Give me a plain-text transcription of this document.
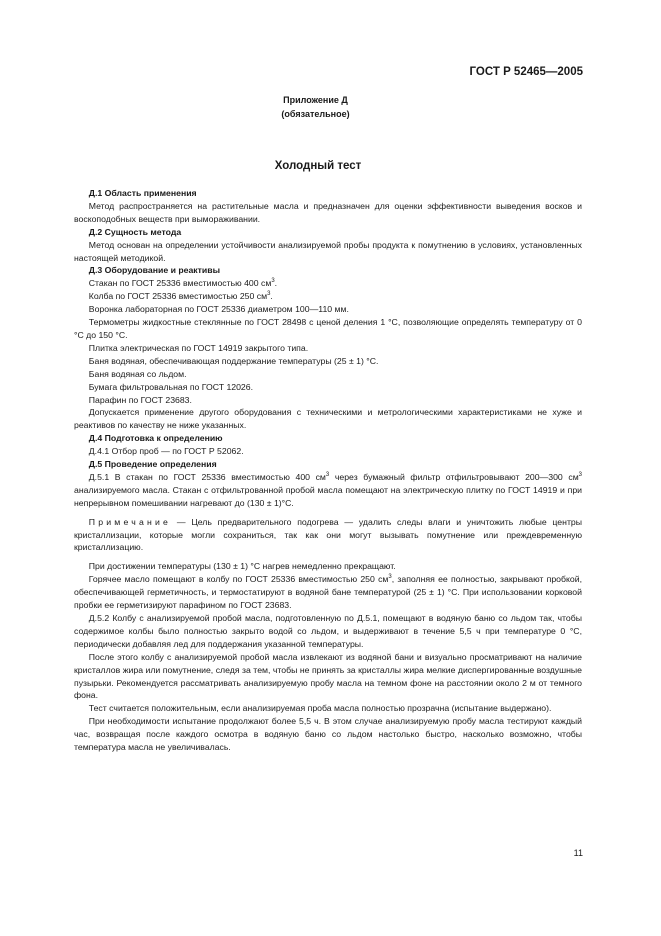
ГОСТ Р 52465—2005
Приложение Д
(обязательное)
Холодный тест

Д.1 Область применения

Метод распространяется на растительные масла и предназначен для оценки эффективности выведения восков и воскоподобных веществ при вымораживании.

Д.2 Сущность метода

Метод основан на определении устойчивости анализируемой пробы продукта к помутнению в условиях, установленных настоящей методикой.

Д.3 Оборудование и реактивы

Стакан по ГОСТ 25336 вместимостью 400 $см^3$.

Колба по ГОСТ 25336 вместимостью 250 $см^3$.

Воронка лабораторная по ГОСТ 25336 диаметром 100—110 мм.

Термометры жидкостные стеклянные по ГОСТ 28498 с ценой деления 1 °С, позволяющие определять температуру от 0 °С до 150 °С.

Плитка электрическая по ГОСТ 14919 закрытого типа.

Баня водяная, обеспечивающая поддержание температуры (25 ± 1) °С.

Баня водяная со льдом.

Бумага фильтровальная по ГОСТ 12026.

Парафин по ГОСТ 23683.

Допускается применение другого оборудования с техническими и метрологическими характеристиками не хуже и реактивов по качеству не ниже указанных.

Д.4 Подготовка к определению

Д.4.1 Отбор проб — по ГОСТ Р 52062.

Д.5 Проведение определения

Д.5.1 В стакан по ГОСТ 25336 вместимостью 400 $см^3$ через бумажный фильтр отфильтровывают 200—300 $см^3$ анализируемого масла. Стакан с отфильтрованной пробой масла помещают на электрическую плитку по ГОСТ 14919 и при непрерывном помешивании нагревают до (130 ± 1)°С.

Примечание — Цель предварительного подогрева — удалить следы влаги и уничтожить любые центры кристаллизации, которые могли сохраниться, так как они могут вызывать помутнение или преждевременную кристаллизацию.

При достижении температуры (130 ± 1) °С нагрев немедленно прекращают.

Горячее масло помещают в колбу по ГОСТ 25336 вместимостью 250 $см^3$, заполняя ее полностью, закрывают пробкой, обеспечивающей герметичность, и термостатируют в водяной бане температурой (25 ± 1) °С. При использовании корковой пробки ее герметизируют парафином по ГОСТ 23683.

Д.5.2 Колбу с анализируемой пробой масла, подготовленную по Д.5.1, помещают в водяную баню со льдом так, чтобы содержимое колбы было полностью закрыто водой со льдом, и выдерживают в течение 5,5 ч при температуре 0 °С, периодически добавляя лед для поддержания указанной температуры.

После этого колбу с анализируемой пробой масла извлекают из водяной бани и визуально просматривают на наличие кристаллов жира или помутнение, следя за тем, чтобы не принять за кристаллы жира мелкие диспергированные воздушные пузырьки. Рекомендуется рассматривать анализируемую пробу масла на темном фоне на расстоянии около 2 м от темного фона.

Тест считается положительным, если анализируемая проба масла полностью прозрачна (испытание выдержано).

При необходимости испытание продолжают более 5,5 ч. В этом случае анализируемую пробу масла тестируют каждый час, возвращая после каждого осмотра в водяную баню со льдом настолько быстро, насколько возможно, чтобы температура масла не увеличивалась.

11
